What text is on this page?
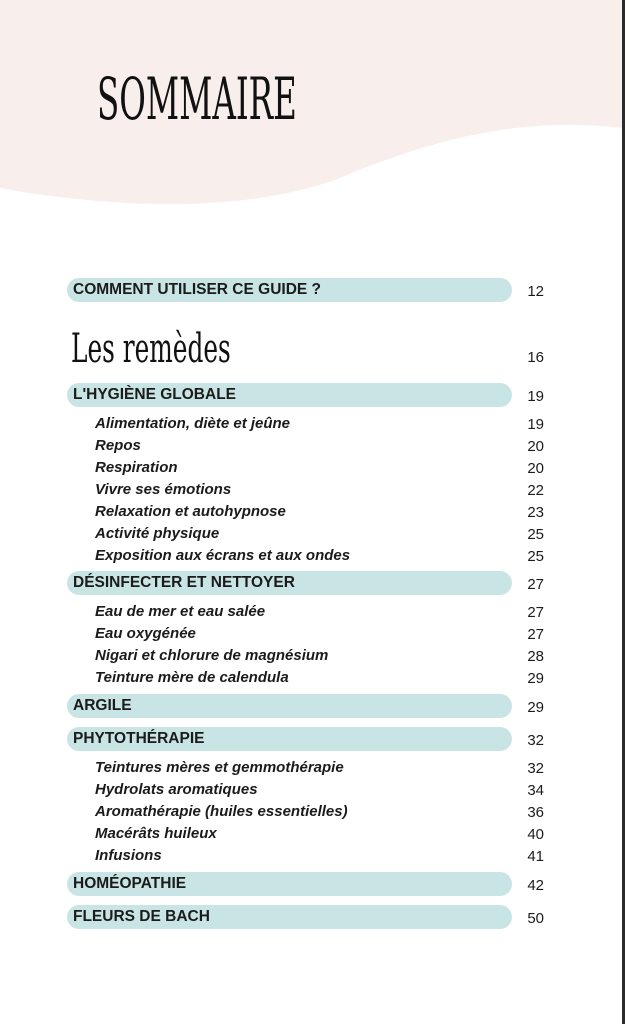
SOMMAIRE
COMMENT UTILISER CE GUIDE ?	12
Les remèdes	16
L'HYGIÈNE GLOBALE	19
Alimentation, diète et jeûne	19
Repos	20
Respiration	20
Vivre ses émotions	22
Relaxation et autohypnose	23
Activité physique	25
Exposition aux écrans et aux ondes	25
DÉSINFECTER ET NETTOYER	27
Eau de mer et eau salée	27
Eau oxygénée	27
Nigari et chlorure de magnésium	28
Teinture mère de calendula	29
ARGILE	29
PHYTOTHÉRAPIE	32
Teintures mères et gemmothérapie	32
Hydrolats aromatiques	34
Aromathérapie (huiles essentielles)	36
Macérâts huileux	40
Infusions	41
HOMÉOPATHIE	42
FLEURS DE BACH	50
